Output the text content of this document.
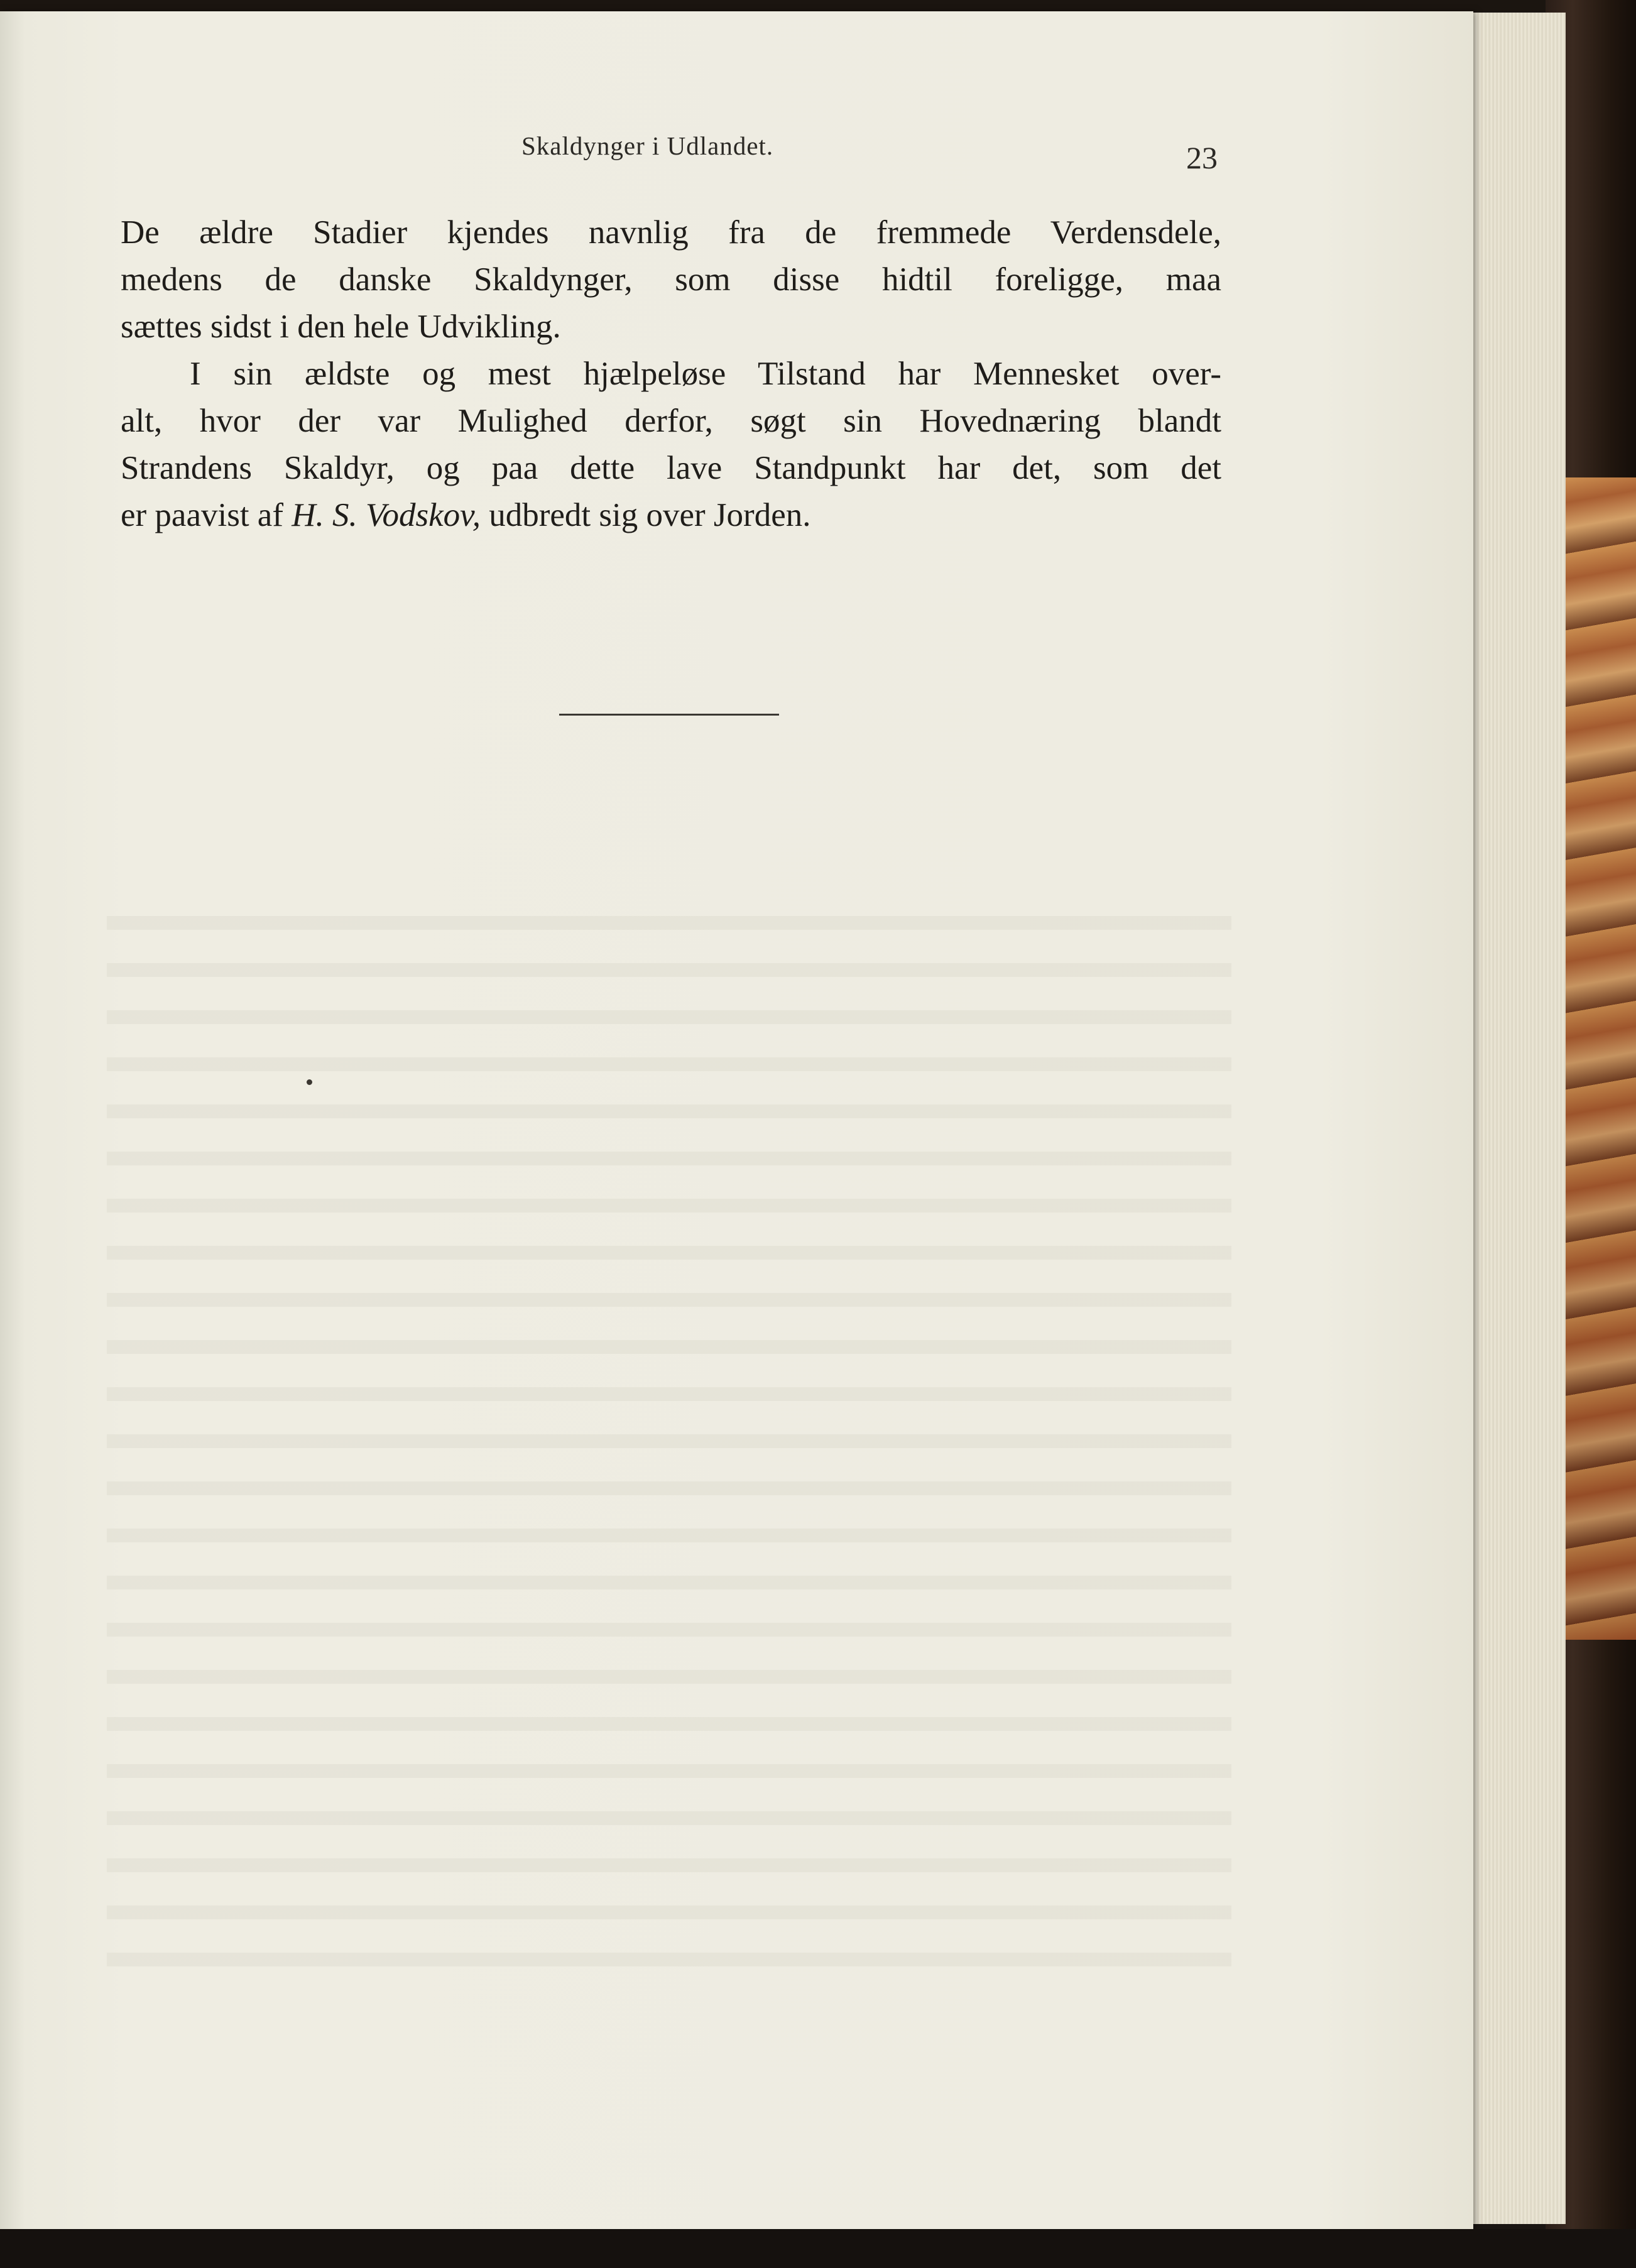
Skaldynger i Udlandet.	23
De ældre Stadier kjendes navnlig fra de fremmede Verdensdele,
medens de danske Skaldynger, som disse hidtil foreligge, maa
sættes sidst i den hele Udvikling.
I sin ældste og mest hjælpeløse Tilstand har Mennesket over-
alt, hvor der var Mulighed derfor, søgt sin Hovednæring blandt
Strandens Skaldyr, og paa dette lave Standpunkt har det, som det
er paavist af H. S. Vodskov, udbredt sig over Jorden.
